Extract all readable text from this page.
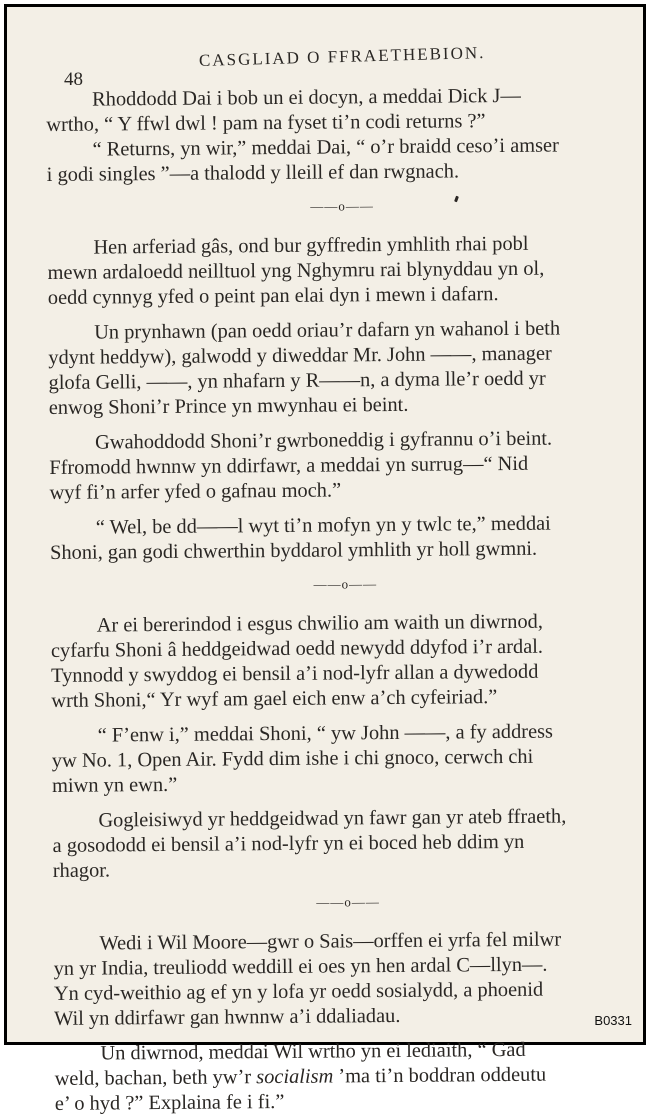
48
CASGLIAD O FFRAETHEBION.
Rhoddodd Dai i bob un ei docyn, a meddai Dick J—
wrtho, “ Y ffwl dwl ! pam na fyset ti’n codi returns ?”
“ Returns, yn wir,” meddai Dai, “ o’r braidd ceso’i amser
i godi singles ”—a thalodd y lleill ef dan rwgnach.
——o——
Hen arferiad gâs, ond bur gyffredin ymhlith rhai pobl
mewn ardaloedd neilltuol yng Nghymru rai blynyddau yn ol,
oedd cynnyg yfed o peint pan elai dyn i mewn i dafarn.
Un prynhawn (pan oedd oriau’r dafarn yn wahanol i beth
ydynt heddyw), galwodd y diweddar Mr. John ——, manager
glofa Gelli, ——, yn nhafarn y R——n, a dyma lle’r oedd yr
enwog Shoni’r Prince yn mwynhau ei beint.
Gwahoddodd Shoni’r gwrboneddig i gyfrannu o’i beint.
Ffromodd hwnnw yn ddirfawr, a meddai yn surrug—“ Nid
wyf fi’n arfer yfed o gafnau moch.”
“ Wel, be dd——l wyt ti’n mofyn yn y twlc te,” meddai
Shoni, gan godi chwerthin byddarol ymhlith yr holl gwmni.
——o——
Ar ei bererindod i esgus chwilio am waith un diwrnod,
cyfarfu Shoni â heddgeidwad oedd newydd ddyfod i’r ardal.
Tynnodd y swyddog ei bensil a’i nod-lyfr allan a dywedodd
wrth Shoni,“ Yr wyf am gael eich enw a’ch cyfeiriad.”
“ F’enw i,” meddai Shoni, “ yw John ——, a fy address
yw No. 1, Open Air. Fydd dim ishe i chi gnoco, cerwch chi
miwn yn ewn.”
Gogleisiwyd yr heddgeidwad yn fawr gan yr ateb ffraeth,
a gosododd ei bensil a’i nod-lyfr yn ei boced heb ddim yn
rhagor.
——o——
Wedi i Wil Moore—gwr o Sais—orffen ei yrfa fel milwr
yn yr India, treuliodd weddill ei oes yn hen ardal C—llyn—.
Yn cyd-weithio ag ef yn y lofa yr oedd sosialydd, a phoenid
Wil yn ddirfawr gan hwnnw a’i ddaliadau.
Un diwrnod, meddai Wil wrtho yn ei lediaith, “ Gad
weld, bachan, beth yw’r socialism ’ma ti’n boddran oddeutu
e’ o hyd ?” Explaina fe i fi.”
B0331
